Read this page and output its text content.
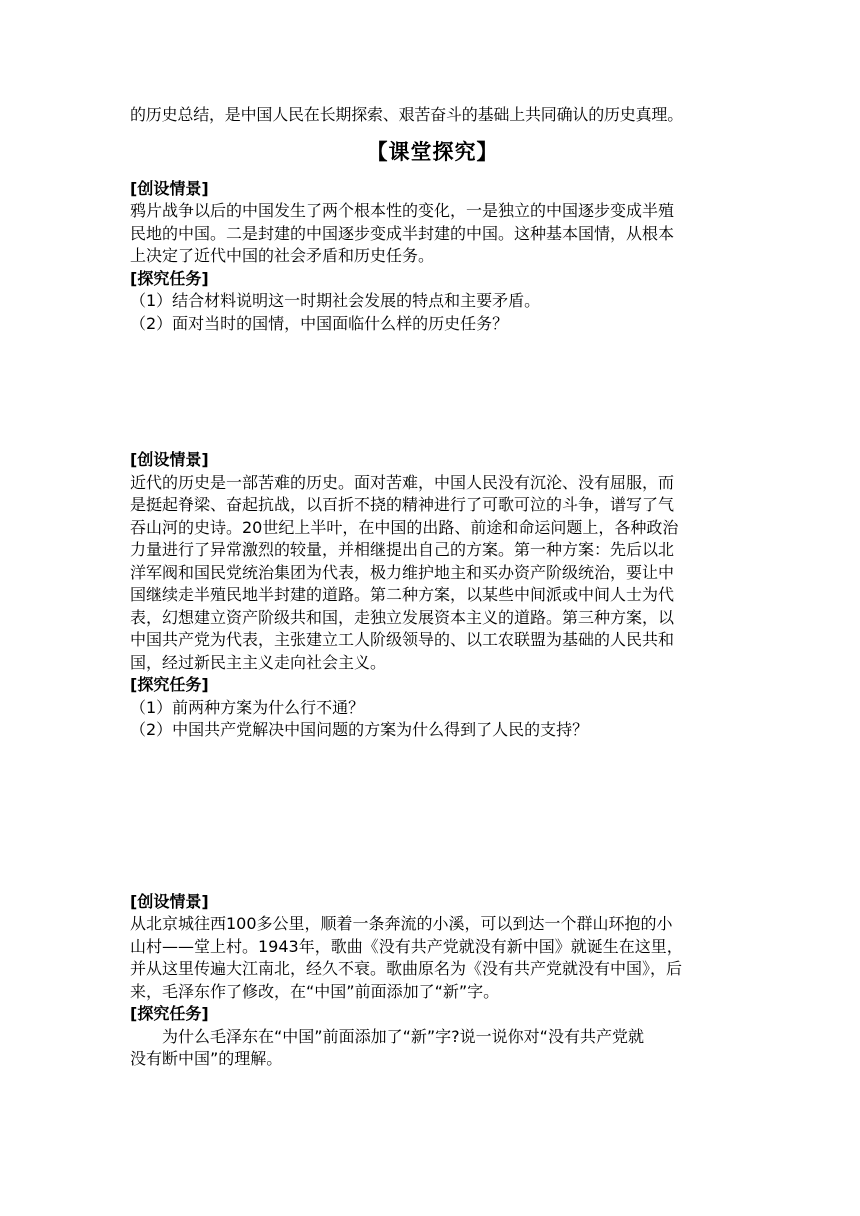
的历史总结，是中国人民在长期探索、艰苦奋斗的基础上共同确认的历史真理。

【课堂探究】

[创设情景]

鸦片战争以后的中国发生了两个根本性的变化，一是独立的中国逐步变成半殖

民地的中国。二是封建的中国逐步变成半封建的中国。这种基本国情，从根本

上决定了近代中国的社会矛盾和历史任务。

[探究任务]

（1）结合材料说明这一时期社会发展的特点和主要矛盾。

（2）面对当时的国情，中国面临什么样的历史任务？

[创设情景]

近代的历史是一部苦难的历史。面对苦难，中国人民没有沉沦、没有屈服，而

是挺起脊梁、奋起抗战，以百折不挠的精神进行了可歌可泣的斗争，谱写了气

吞山河的史诗。20世纪上半叶，在中国的出路、前途和命运问题上，各种政治

力量进行了异常激烈的较量，并相继提出自己的方案。第一种方案：先后以北

洋军阀和国民党统治集团为代表，极力维护地主和买办资产阶级统治，要让中

国继续走半殖民地半封建的道路。第二种方案，以某些中间派或中间人士为代

表，幻想建立资产阶级共和国，走独立发展资本主义的道路。第三种方案，以

中国共产党为代表，主张建立工人阶级领导的、以工农联盟为基础的人民共和

国，经过新民主主义走向社会主义。

[探究任务]

（1）前两种方案为什么行不通？

（2）中国共产党解决中国问题的方案为什么得到了人民的支持？

[创设情景]

从北京城往西100多公里，顺着一条奔流的小溪，可以到达一个群山环抱的小

山村——堂上村。1943年，歌曲《没有共产党就没有新中国》就诞生在这里，

并从这里传遍大江南北，经久不衰。歌曲原名为《没有共产党就没有中国》，后

来，毛泽东作了修改，在“中国”前面添加了“新”字。

[探究任务]

为什么毛泽东在“中国”前面添加了“新”字?说一说你对“没有共产党就

没有断中国”的理解。
